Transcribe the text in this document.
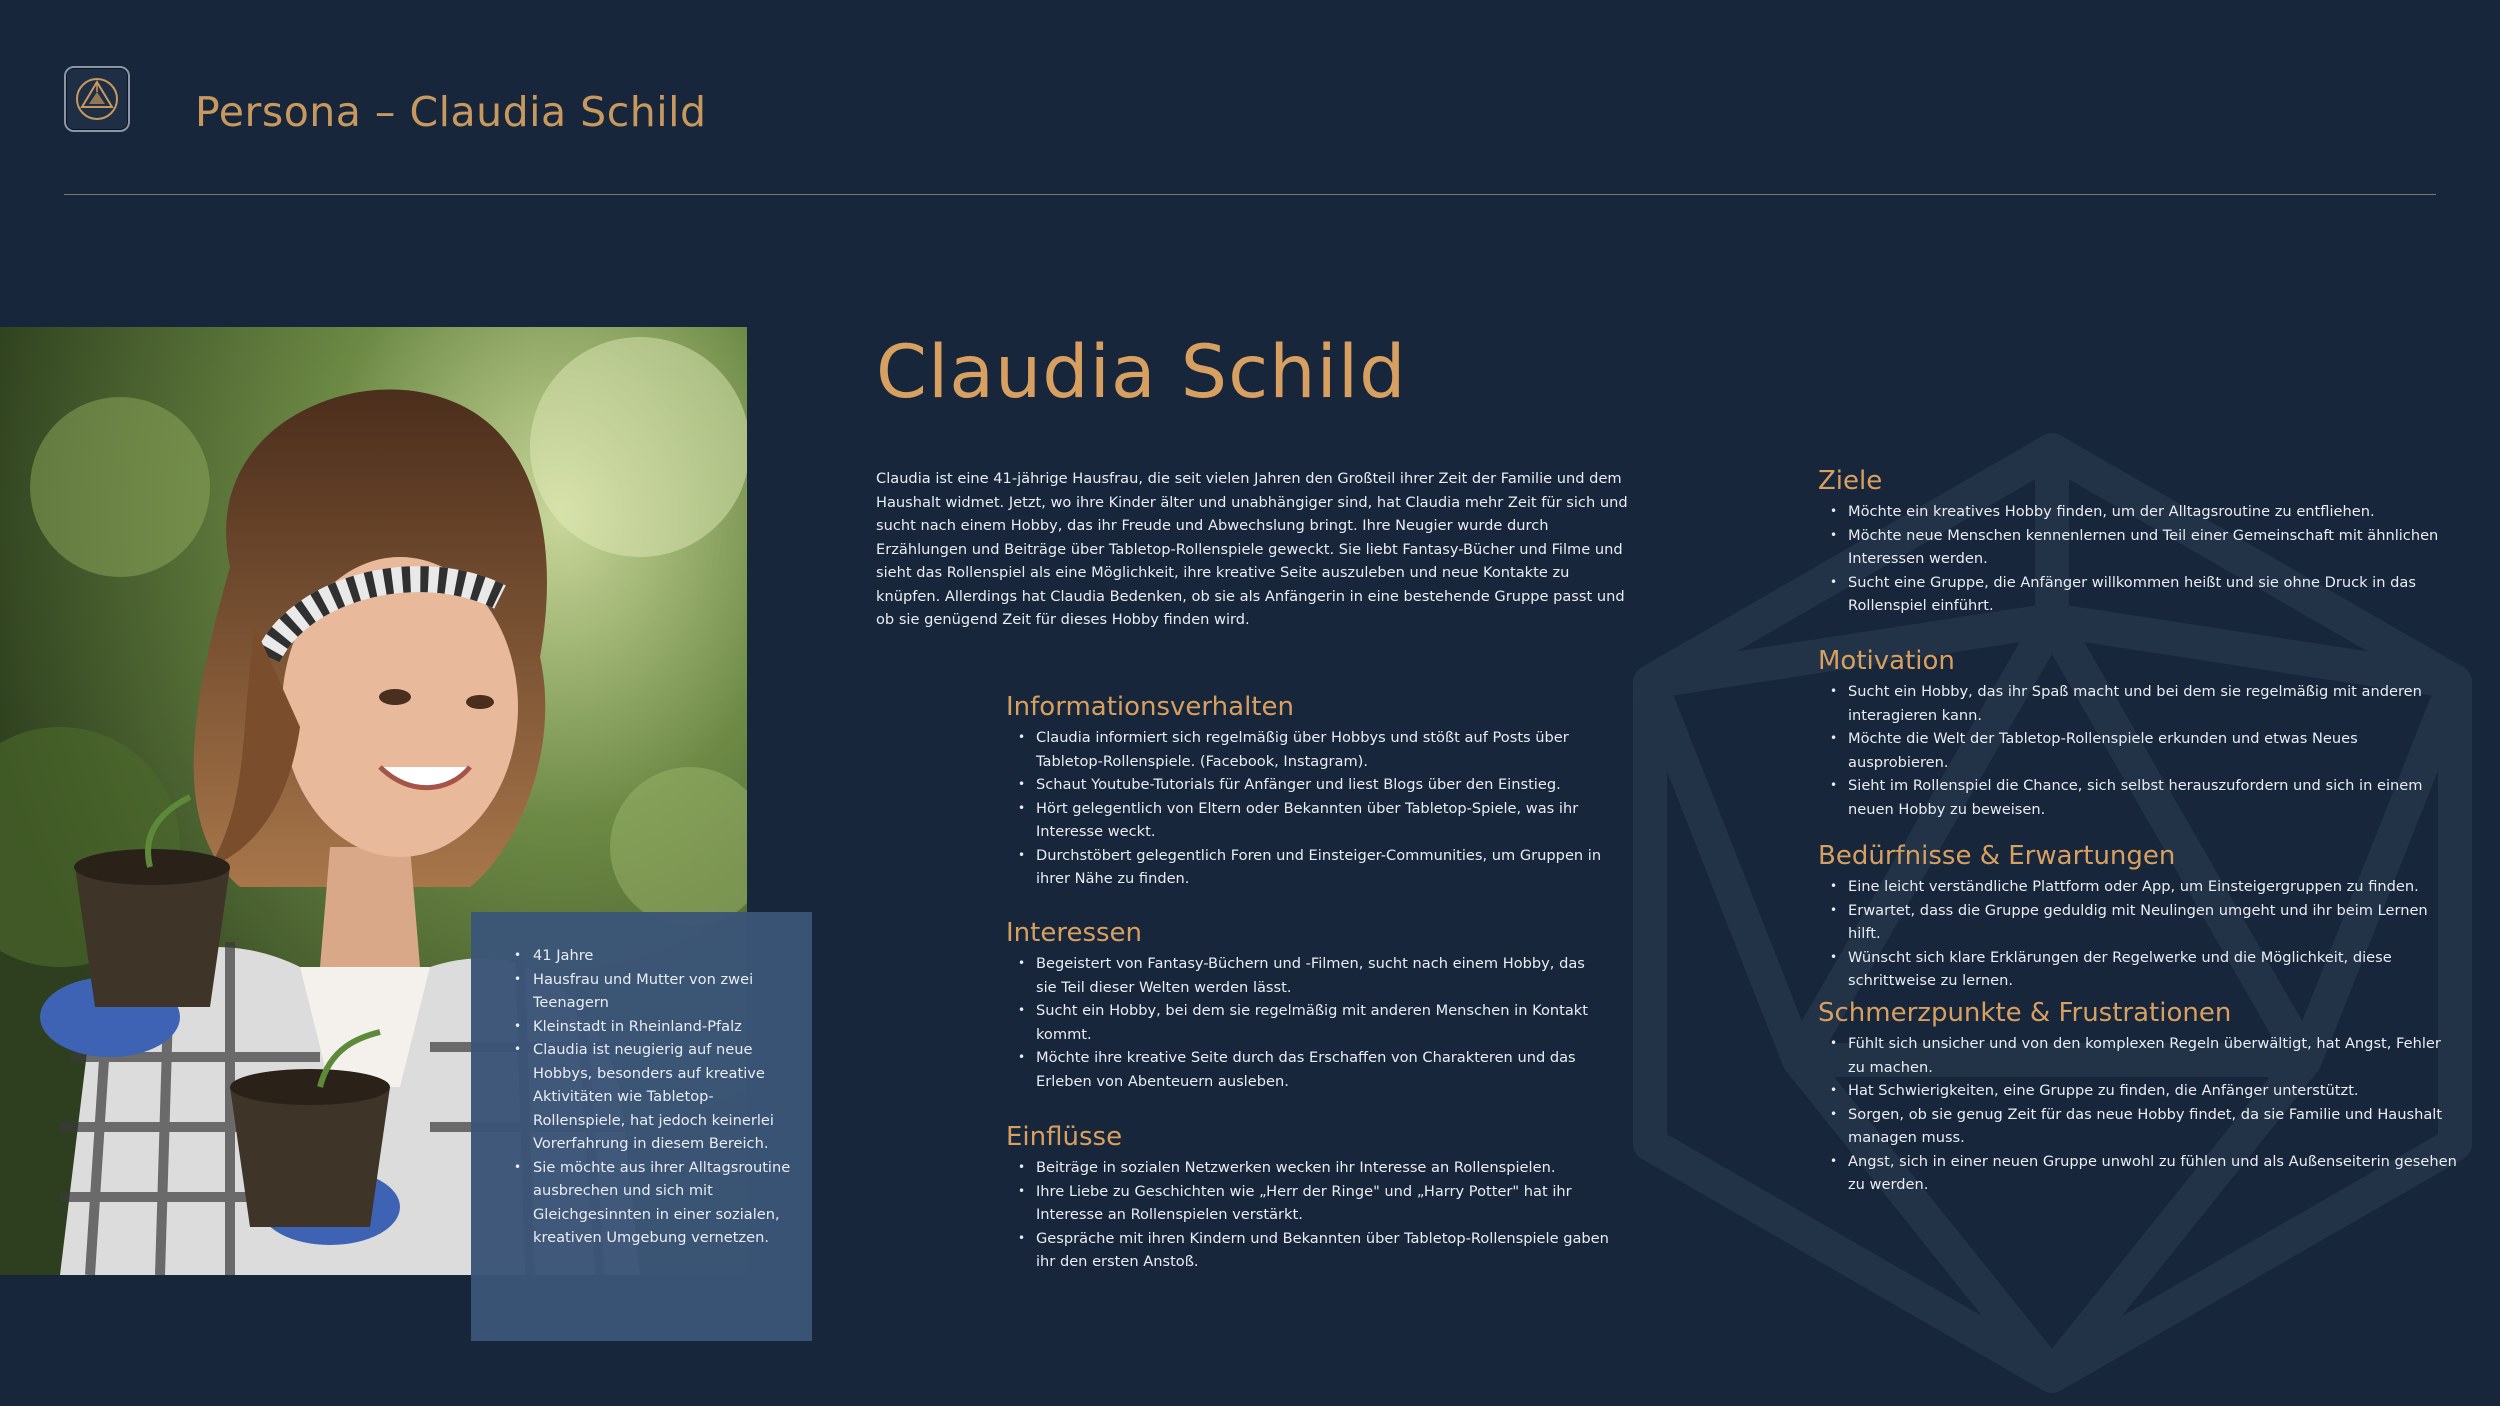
Persona – Claudia Schild
• 41 Jahre
• Hausfrau und Mutter von zwei Teenagern
• Kleinstadt in Rheinland-Pfalz
• Claudia ist neugierig auf neue Hobbys, besonders auf kreative Aktivitäten wie Tabletop-Rollenspiele, hat jedoch keinerlei Vorerfahrung in diesem Bereich.
• Sie möchte aus ihrer Alltagsroutine ausbrechen und sich mit Gleichgesinnten in einer sozialen, kreativen Umgebung vernetzen.
Claudia Schild

Claudia ist eine 41-jährige Hausfrau, die seit vielen Jahren den Großteil ihrer Zeit der Familie und dem Haushalt widmet. Jetzt, wo ihre Kinder älter und unabhängiger sind, hat Claudia mehr Zeit für sich und sucht nach einem Hobby, das ihr Freude und Abwechslung bringt. Ihre Neugier wurde durch Erzählungen und Beiträge über Tabletop-Rollenspiele geweckt. Sie liebt Fantasy-Bücher und Filme und sieht das Rollenspiel als eine Möglichkeit, ihre kreative Seite auszuleben und neue Kontakte zu knüpfen. Allerdings hat Claudia Bedenken, ob sie als Anfängerin in eine bestehende Gruppe passt und ob sie genügend Zeit für dieses Hobby finden wird.

Informationsverhalten
• Claudia informiert sich regelmäßig über Hobbys und stößt auf Posts über Tabletop-Rollenspiele. (Facebook, Instagram).
• Schaut Youtube-Tutorials für Anfänger und liest Blogs über den Einstieg.
• Hört gelegentlich von Eltern oder Bekannten über Tabletop-Spiele, was ihr Interesse weckt.
• Durchstöbert gelegentlich Foren und Einsteiger-Communities, um Gruppen in ihrer Nähe zu finden.
Interessen
• Begeistert von Fantasy-Büchern und -Filmen, sucht nach einem Hobby, das sie Teil dieser Welten werden lässt.
• Sucht ein Hobby, bei dem sie regelmäßig mit anderen Menschen in Kontakt kommt.
• Möchte ihre kreative Seite durch das Erschaffen von Charakteren und das Erleben von Abenteuern ausleben.
Einflüsse
• Beiträge in sozialen Netzwerken wecken ihr Interesse an Rollenspielen.
• Ihre Liebe zu Geschichten wie „Herr der Ringe" und „Harry Potter" hat ihr Interesse an Rollenspielen verstärkt.
• Gespräche mit ihren Kindern und Bekannten über Tabletop-Rollenspiele gaben ihr den ersten Anstoß.
Ziele
• Möchte ein kreatives Hobby finden, um der Alltagsroutine zu entfliehen.
• Möchte neue Menschen kennenlernen und Teil einer Gemeinschaft mit ähnlichen Interessen werden.
• Sucht eine Gruppe, die Anfänger willkommen heißt und sie ohne Druck in das Rollenspiel einführt.
Motivation
• Sucht ein Hobby, das ihr Spaß macht und bei dem sie regelmäßig mit anderen interagieren kann.
• Möchte die Welt der Tabletop-Rollenspiele erkunden und etwas Neues ausprobieren.
• Sieht im Rollenspiel die Chance, sich selbst herauszufordern und sich in einem neuen Hobby zu beweisen.
Bedürfnisse & Erwartungen
• Eine leicht verständliche Plattform oder App, um Einsteigergruppen zu finden.
• Erwartet, dass die Gruppe geduldig mit Neulingen umgeht und ihr beim Lernen hilft.
• Wünscht sich klare Erklärungen der Regelwerke und die Möglichkeit, diese schrittweise zu lernen.
Schmerzpunkte & Frustrationen
• Fühlt sich unsicher und von den komplexen Regeln überwältigt, hat Angst, Fehler zu machen.
• Hat Schwierigkeiten, eine Gruppe zu finden, die Anfänger unterstützt.
• Sorgen, ob sie genug Zeit für das neue Hobby findet, da sie Familie und Haushalt managen muss.
• Angst, sich in einer neuen Gruppe unwohl zu fühlen und als Außenseiterin gesehen zu werden.
